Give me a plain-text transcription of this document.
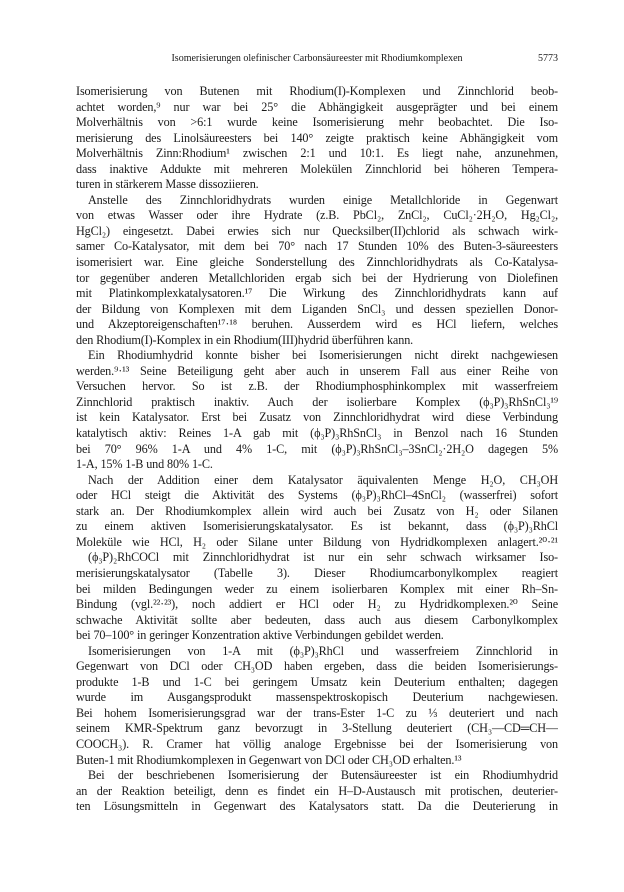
Isomerisierungen olefinischer Carbonsäureester mit Rhodiumkomplexen	5773
Isomerisierung von Butenen mit Rhodium(I)-Komplexen und Zinnchlorid beob-
achtet worden,⁹ nur war bei 25° die Abhängigkeit ausgeprägter und bei einem
Molverhältnis von >6:1 wurde keine Isomerisierung mehr beobachtet. Die Iso-
merisierung des Linolsäureesters bei 140° zeigte praktisch keine Abhängigkeit vom
Molverhältnis Zinn:Rhodium¹ zwischen 2:1 und 10:1. Es liegt nahe, anzunehmen,
dass inaktive Addukte mit mehreren Molekülen Zinnchlorid bei höheren Tempera-
turen in stärkerem Masse dissoziieren.
Anstelle des Zinnchloridhydrats wurden einige Metallchloride in Gegenwart
von etwas Wasser oder ihre Hydrate (z.B. PbCl₂, ZnCl₂, CuCl₂·2H₂O, Hg₂Cl₂,
HgCl₂) eingesetzt. Dabei erwies sich nur Quecksilber(II)chlorid als schwach wirk-
samer Co-Katalysator, mit dem bei 70° nach 17 Stunden 10% des Buten-3-säureesters
isomerisiert war. Eine gleiche Sonderstellung des Zinnchloridhydrats als Co-Katalysa-
tor gegenüber anderen Metallchloriden ergab sich bei der Hydrierung von Diolefinen
mit Platinkomplexkatalysatoren.¹⁷ Die Wirkung des Zinnchloridhydrats kann auf
der Bildung von Komplexen mit dem Liganden SnCl₃ und dessen speziellen Donor-
und Akzeptoreigenschaften¹⁷·¹⁸ beruhen. Ausserdem wird es HCl liefern, welches
den Rhodium(I)-Komplex in ein Rhodium(III)hydrid überführen kann.
Ein Rhodiumhydrid konnte bisher bei Isomerisierungen nicht direkt nachgewiesen
werden.⁹·¹³ Seine Beteiligung geht aber auch in unserem Fall aus einer Reihe von
Versuchen hervor. So ist z.B. der Rhodiumphosphinkomplex mit wasserfreiem
Zinnchlorid praktisch inaktiv. Auch der isolierbare Komplex (ϕ₃P)₃RhSnCl₃¹⁹
ist kein Katalysator. Erst bei Zusatz von Zinnchloridhydrat wird diese Verbindung
katalytisch aktiv: Reines 1-A gab mit (ϕ₃P)₃RhSnCl₃ in Benzol nach 16 Stunden
bei 70° 96% 1-A und 4% 1-C, mit (ϕ₃P)₃RhSnCl₃–3SnCl₂·2H₂O dagegen 5%
1-A, 15% 1-B und 80% 1-C.
Nach der Addition einer dem Katalysator äquivalenten Menge H₂O, CH₃OH
oder HCl steigt die Aktivität des Systems (ϕ₃P)₃RhCl–4SnCl₂ (wasserfrei) sofort
stark an. Der Rhodiumkomplex allein wird auch bei Zusatz von H₂ oder Silanen
zu einem aktiven Isomerisierungskatalysator. Es ist bekannt, dass (ϕ₃P)₃RhCl
Moleküle wie HCl, H₂ oder Silane unter Bildung von Hydridkomplexen anlagert.²⁰·²¹
(ϕ₃P)₂RhCOCl mit Zinnchloridhydrat ist nur ein sehr schwach wirksamer Iso-
merisierungskatalysator (Tabelle 3). Dieser Rhodiumcarbonylkomplex reagiert
bei milden Bedingungen weder zu einem isolierbaren Komplex mit einer Rh–Sn-
Bindung (vgl.²²·²³), noch addiert er HCl oder H₂ zu Hydridkomplexen.²⁰ Seine
schwache Aktivität sollte aber bedeuten, dass auch aus diesem Carbonylkomplex
bei 70–100° in geringer Konzentration aktive Verbindungen gebildet werden.
Isomerisierungen von 1-A mit (ϕ₃P)₃RhCl und wasserfreiem Zinnchlorid in
Gegenwart von DCl oder CH₃OD haben ergeben, dass die beiden Isomerisierungs-
produkte 1-B und 1-C bei geringem Umsatz kein Deuterium enthalten; dagegen
wurde im Ausgangsprodukt massenspektroskopisch Deuterium nachgewiesen.
Bei hohem Isomerisierungsgrad war der trans-Ester 1-C zu ⅓ deuteriert und nach
seinem KMR-Spektrum ganz bevorzugt in 3-Stellung deuteriert (CH₃—CD═CH—
COOCH₃). R. Cramer hat völlig analoge Ergebnisse bei der Isomerisierung von
Buten-1 mit Rhodiumkomplexen in Gegenwart von DCl oder CH₃OD erhalten.¹³
Bei der beschriebenen Isomerisierung der Butensäureester ist ein Rhodiumhydrid
an der Reaktion beteiligt, denn es findet ein H–D-Austausch mit protischen, deuterier-
ten Lösungsmitteln in Gegenwart des Katalysators statt. Da die Deuterierung in
